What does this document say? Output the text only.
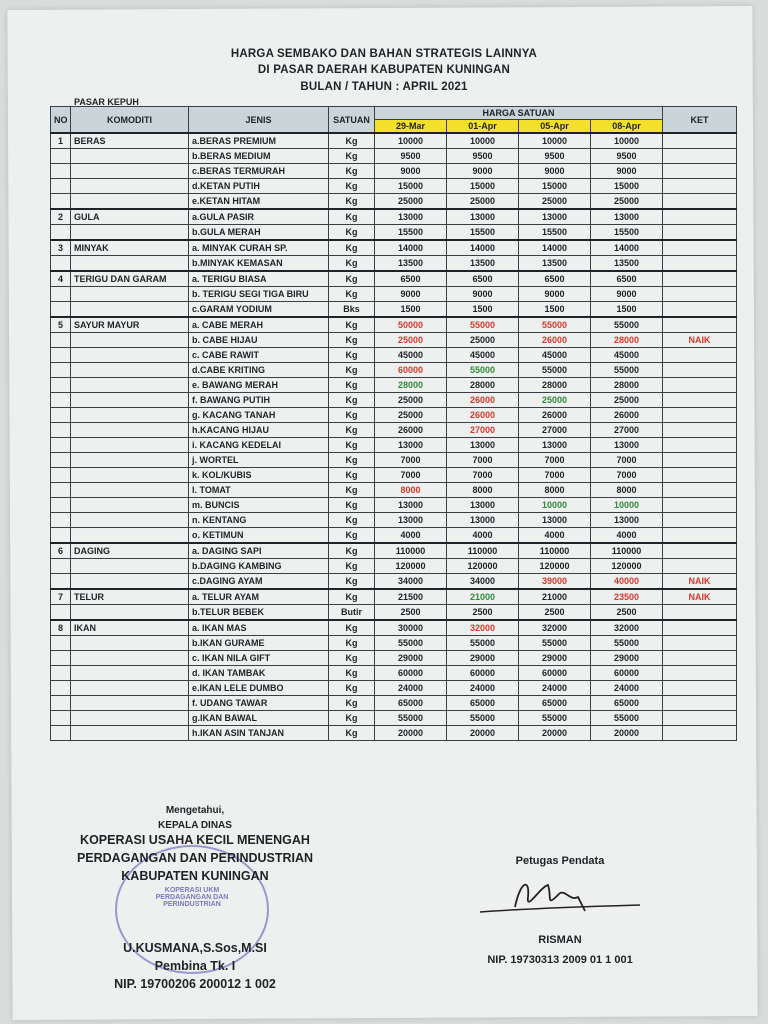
HARGA SEMBAKO DAN BAHAN STRATEGIS LAINNYA
DI PASAR DAERAH KABUPATEN KUNINGAN
BULAN / TAHUN : APRIL 2021
PASAR KEPUH
NO	KOMODITI	JENIS	SATUAN	HARGA SATUAN				KET
				29-Mar	01-Apr	05-Apr	08-Apr	
1	BERAS	a.BERAS PREMIUM	Kg	10000	10000	10000	10000	
		b.BERAS MEDIUM	Kg	9500	9500	9500	9500	
		c.BERAS TERMURAH	Kg	9000	9000	9000	9000	
		d.KETAN PUTIH	Kg	15000	15000	15000	15000	
		e.KETAN HITAM	Kg	25000	25000	25000	25000	
2	GULA	a.GULA PASIR	Kg	13000	13000	13000	13000	
		b.GULA MERAH	Kg	15500	15500	15500	15500	
3	MINYAK	a. MINYAK CURAH SP.	Kg	14000	14000	14000	14000	
		b.MINYAK KEMASAN	Kg	13500	13500	13500	13500	
4	TERIGU DAN GARAM	a. TERIGU BIASA	Kg	6500	6500	6500	6500	
		b. TERIGU SEGI TIGA BIRU	Kg	9000	9000	9000	9000	
		c.GARAM YODIUM	Bks	1500	1500	1500	1500	
5	SAYUR MAYUR	a. CABE MERAH	Kg	50000	55000	55000	55000	
		b. CABE HIJAU	Kg	25000	25000	26000	28000	NAIK
		c. CABE RAWIT	Kg	45000	45000	45000	45000	
		d.CABE KRITING	Kg	60000	55000	55000	55000	
		e. BAWANG MERAH	Kg	28000	28000	28000	28000	
		f. BAWANG PUTIH	Kg	25000	26000	25000	25000	
		g. KACANG TANAH	Kg	25000	26000	26000	26000	
		h.KACANG HIJAU	Kg	26000	27000	27000	27000	
		i. KACANG KEDELAI	Kg	13000	13000	13000	13000	
		j. WORTEL	Kg	7000	7000	7000	7000	
		k. KOL/KUBIS	Kg	7000	7000	7000	7000	
		l. TOMAT	Kg	8000	8000	8000	8000	
		m. BUNCIS	Kg	13000	13000	10000	10000	
		n. KENTANG	Kg	13000	13000	13000	13000	
		o. KETIMUN	Kg	4000	4000	4000	4000	
6	DAGING	a. DAGING SAPI	Kg	110000	110000	110000	110000	
		b.DAGING KAMBING	Kg	120000	120000	120000	120000	
		c.DAGING AYAM	Kg	34000	34000	39000	40000	NAIK
7	TELUR	a. TELUR AYAM	Kg	21500	21000	21000	23500	NAIK
		b.TELUR BEBEK	Butir	2500	2500	2500	2500	
8	IKAN	a. IKAN MAS	Kg	30000	32000	32000	32000	
		b.IKAN GURAME	Kg	55000	55000	55000	55000	
		c. IKAN NILA GIFT	Kg	29000	29000	29000	29000	
		d. IKAN TAMBAK	Kg	60000	60000	60000	60000	
		e.IKAN LELE DUMBO	Kg	24000	24000	24000	24000	
		f. UDANG TAWAR	Kg	65000	65000	65000	65000	
		g.IKAN BAWAL	Kg	55000	55000	55000	55000	
		h.IKAN ASIN TANJAN	Kg	20000	20000	20000	20000	
KOPERASI UKM PERDAGANGAN DAN PERINDUSTRIAN
Mengetahui,
KEPALA DINAS
KOPERASI USAHA KECIL MENENGAH
PERDAGANGAN DAN PERINDUSTRIAN
KABUPATEN KUNINGAN
U.KUSMANA,S.Sos,M.SI
Pembina Tk. I
NIP. 19700206 200012 1 002
Petugas Pendata
RISMAN
NIP. 19730313 2009 01 1 001
